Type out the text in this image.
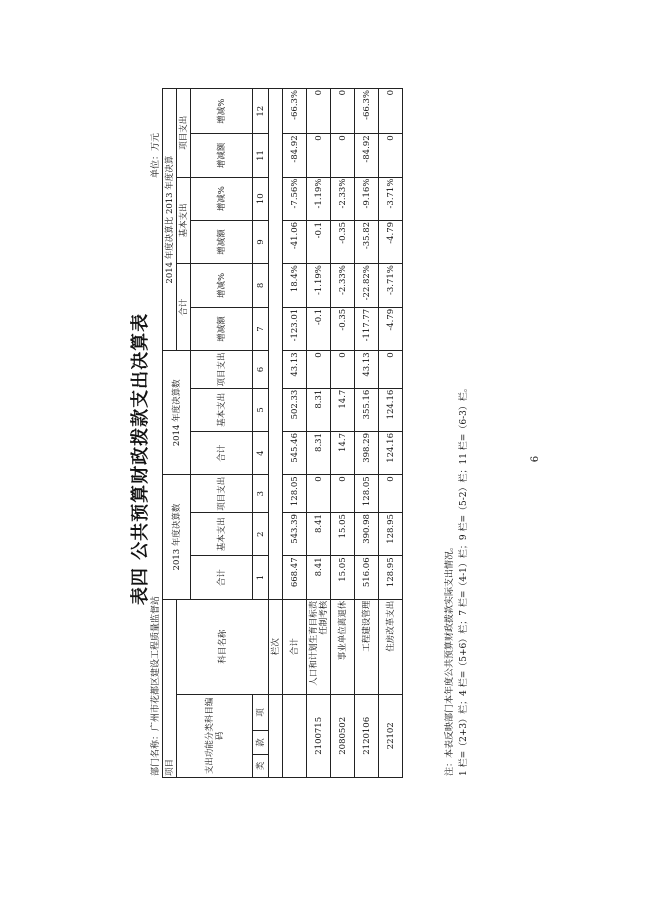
表四 公共预算财政拨款支出决算表
部门名称：广州市花都区建设工程质量监督站
单位：万元
项目				2013 年度决算数			2014 年度决算数			2014 年度决算比 2013 年度决算					
支出功能分类科目编码			科目名称							合计		基本支出		项目支出	
				合计	基本支出	项目支出	合计	基本支出	项目支出	增减额	增减%	增减额	增减%	增减额	增减%

类	款	项		1	2	3	4	5	6	7	8	9	10	11	12
			栏次												
			合计	668.47	543.39	128.05	545.46	502.33	43.13	-123.01	18.4%	-41.06	-7.56%	-84.92	-66.3%
2100715			人口和计划生育目标责任制考核	8.41	8.41	0	8.31	8.31	0	-0.1	-1.19%	-0.1	-1.19%	0	0
2080502			事业单位离退休	15.05	15.05	0	14.7	14.7	0	-0.35	-2.33%	-0.35	-2.33%	0	0
2120106			工程建设管理	516.06	390.98	128.05	398.29	355.16	43.13	-117.77	-22.82%	-35.82	-9.16%	-84.92	-66.3%
22102			住房改革支出	128.95	128.95	0	124.16	124.16	0	-4.79	-3.71%	-4.79	-3.71%	0	0
注：本表反映部门本年度公共预算财政拨款实际支出情况。 1 栏=（2+3）栏；4 栏=（5+6）栏；7 栏=（4-1）栏；9 栏=（5-2）栏；11 栏=（6-3）栏。	6
